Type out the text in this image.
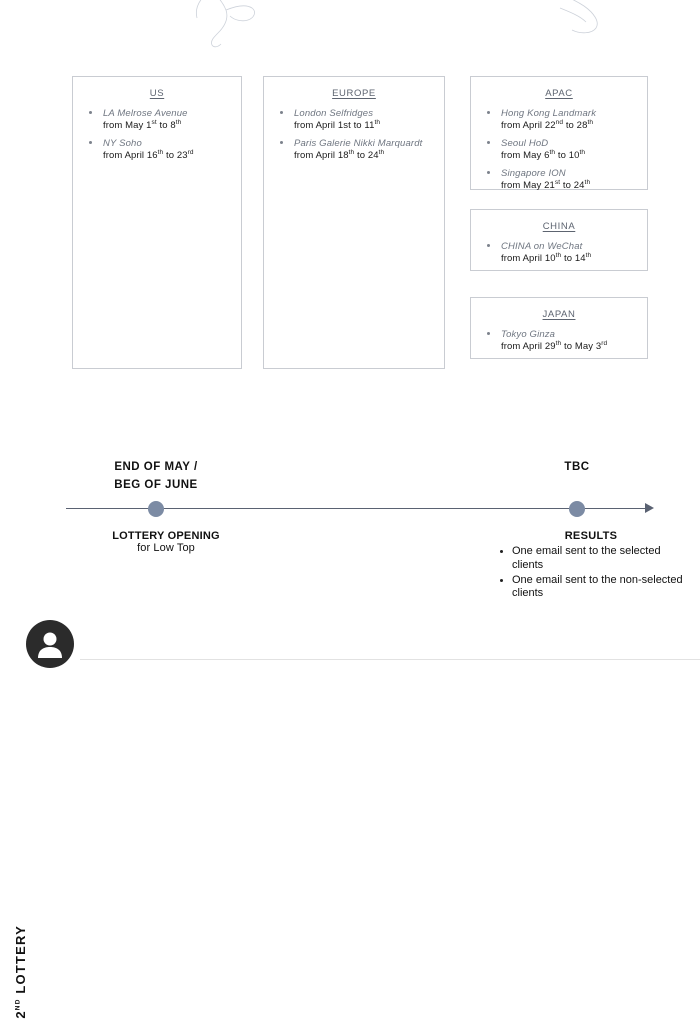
US
LA Melrose Avenue
from May 1st to 8th
NY Soho
from April 16th to 23rd
EUROPE
London Selfridges
from April 1st to 11th
Paris Galerie Nikki Marquardt
from April 18th to 24th
APAC
Hong Kong Landmark
from April 22nd to 28th
Seoul HoD
from May 6th to 10th
Singapore ION
from May 21st to 24th
CHINA
CHINA on WeChat
from April 10th to 14th
JAPAN
Tokyo Ginza
from April 29th to May 3rd
2ND LOTTERY
END OF MAY /
BEG OF JUNE
TBC
LOTTERY OPENING
for Low Top
RESULTS
One email sent to the selected clients
One email sent to the non-selected clients
